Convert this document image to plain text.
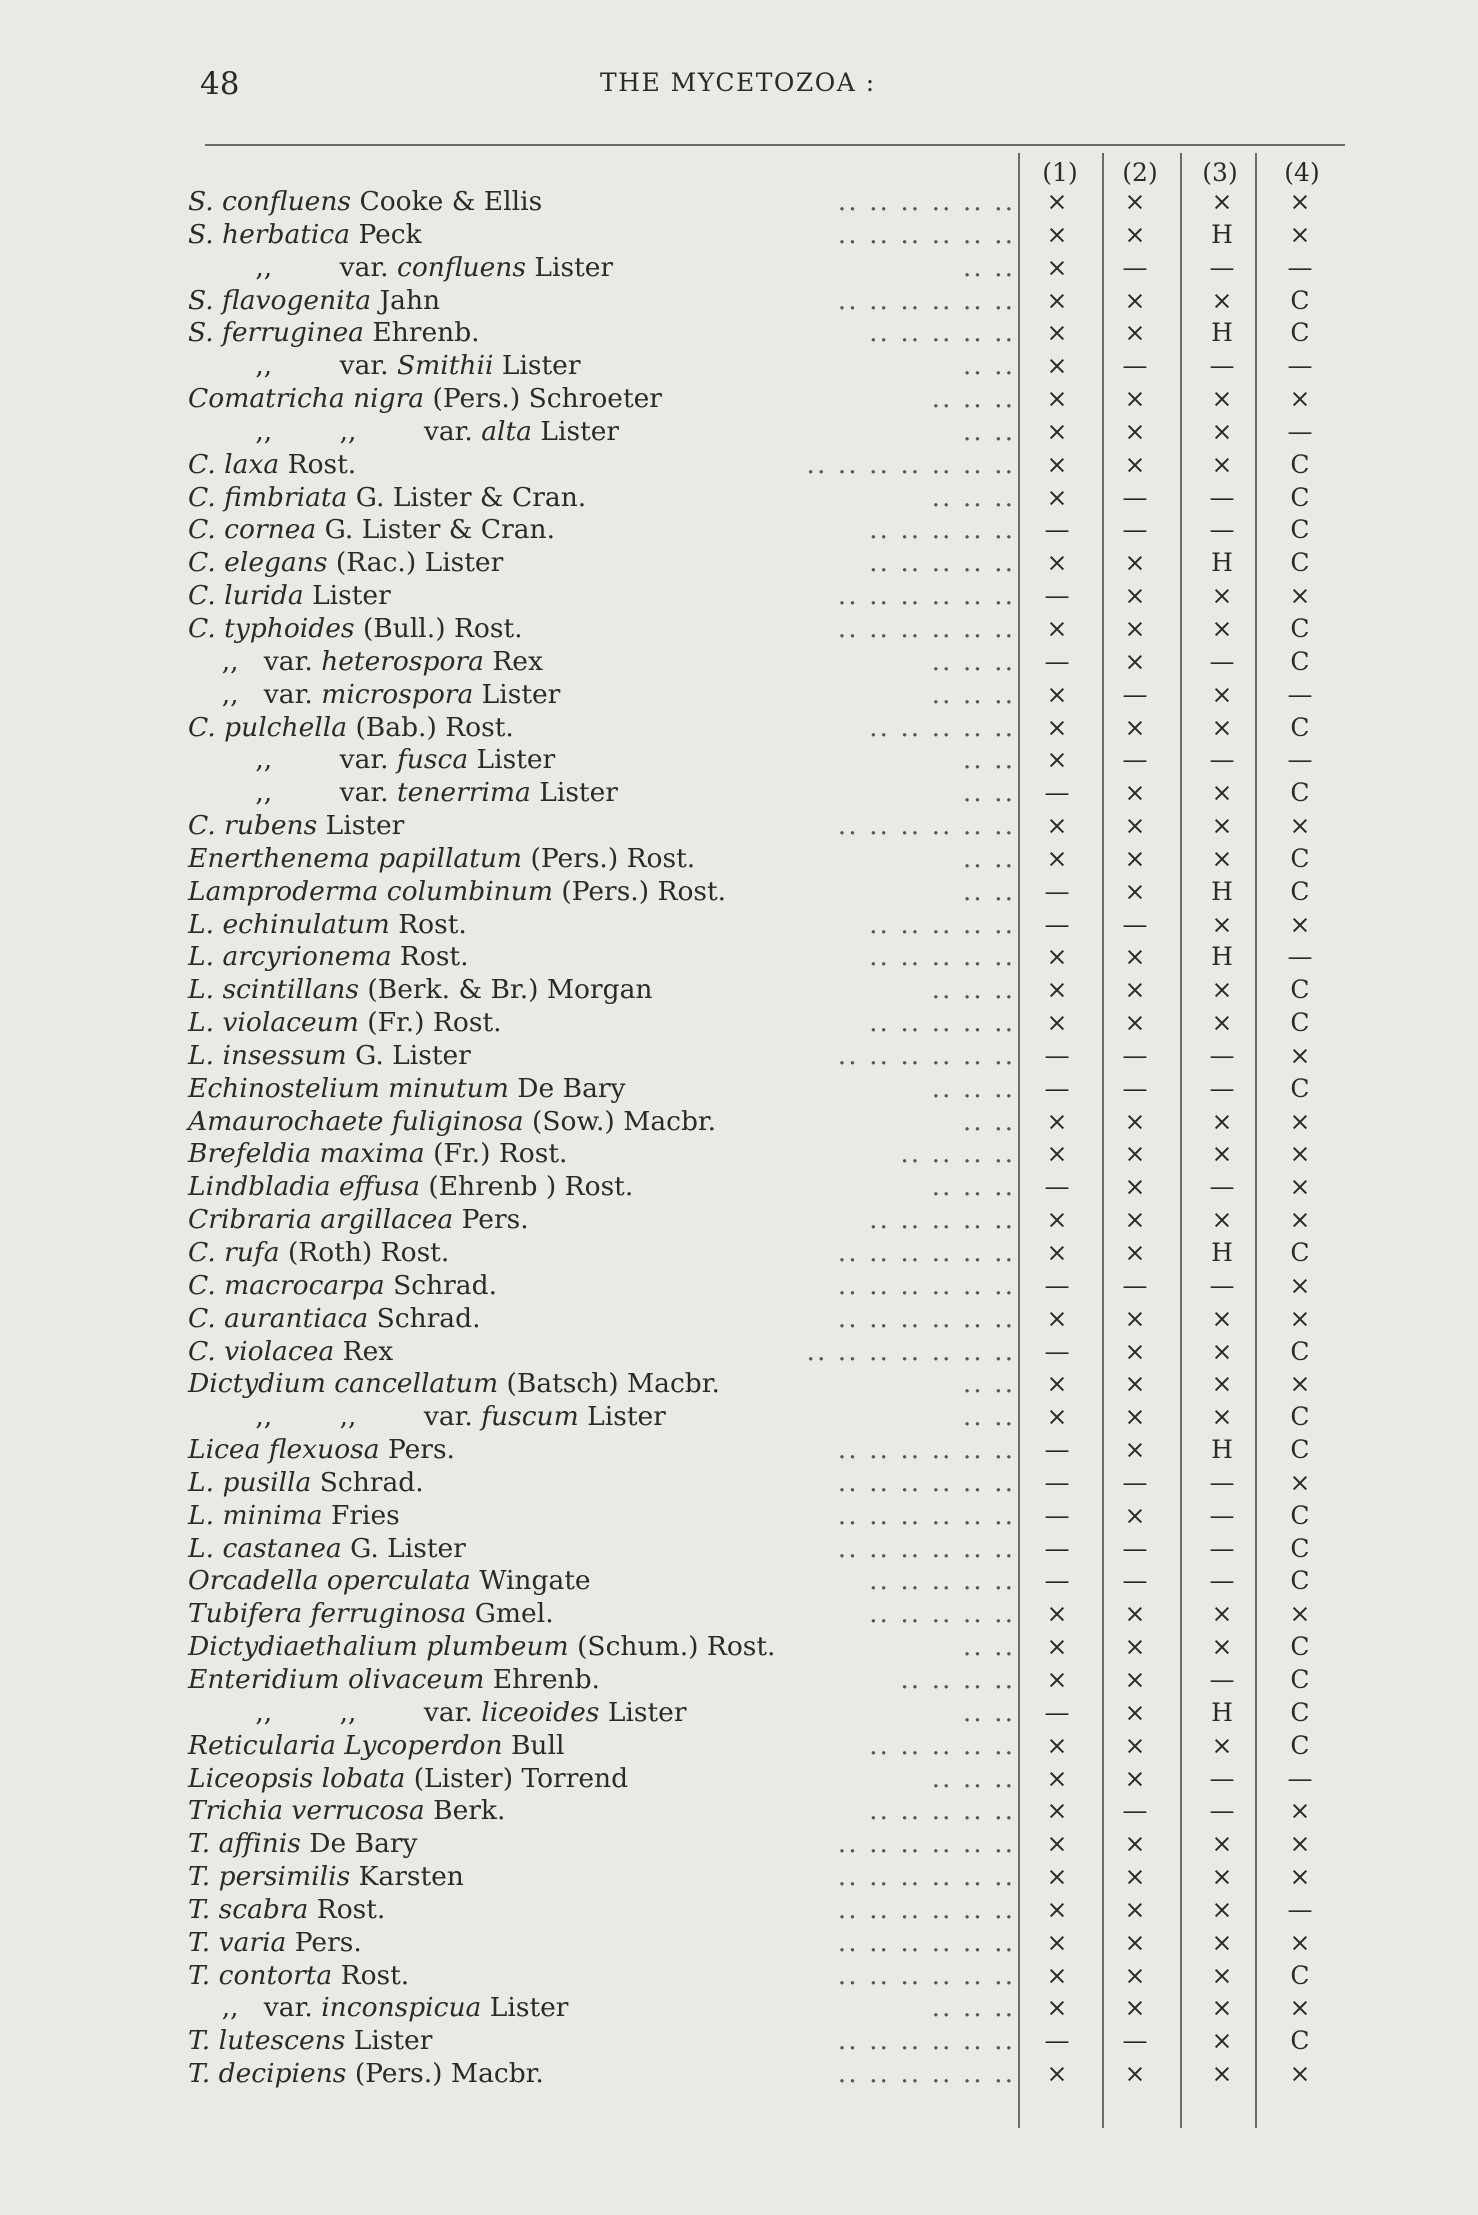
48	THE MYCETOZOA :
(1)	(2)	(3)	(4)
S. confluens Cooke & Ellis	.. .. .. .. .. ..	×	×	×	×
S. herbatica Peck	.. .. .. .. .. ..	×	×	H	×
,,        var. confluens Lister	.. ..	×	—	—	—
S. flavogenita Jahn	.. .. .. .. .. ..	×	×	×	C
S. ferruginea Ehrenb.	.. .. .. .. ..	×	×	H	C
,,        var. Smithii Lister	.. ..	×	—	—	—
Comatricha nigra (Pers.) Schroeter	.. .. ..	×	×	×	×
,,        ,,        var. alta Lister	.. ..	×	×	×	—
C. laxa Rost.	.. .. .. .. .. .. ..	×	×	×	C
C. fimbriata G. Lister & Cran.	.. .. ..	×	—	—	C
C. cornea G. Lister & Cran.	.. .. .. .. ..	—	—	—	C
C. elegans (Rac.) Lister	.. .. .. .. ..	×	×	H	C
C. lurida Lister	.. .. .. .. .. ..	—	×	×	×
C. typhoides (Bull.) Rost.	.. .. .. .. .. ..	×	×	×	C
,,   var. heterospora Rex	.. .. ..	—	×	—	C
,,   var. microspora Lister	.. .. ..	×	—	×	—
C. pulchella (Bab.) Rost.	.. .. .. .. ..	×	×	×	C
,,        var. fusca Lister	.. ..	×	—	—	—
,,        var. tenerrima Lister	.. ..	—	×	×	C
C. rubens Lister	.. .. .. .. .. ..	×	×	×	×
Enerthenema papillatum (Pers.) Rost.	.. ..	×	×	×	C
Lamproderma columbinum (Pers.) Rost.	.. ..	—	×	H	C
L. echinulatum Rost.	.. .. .. .. ..	—	—	×	×
L. arcyrionema Rost.	.. .. .. .. ..	×	×	H	—
L. scintillans (Berk. & Br.) Morgan	.. .. ..	×	×	×	C
L. violaceum (Fr.) Rost.	.. .. .. .. ..	×	×	×	C
L. insessum G. Lister	.. .. .. .. .. ..	—	—	—	×
Echinostelium minutum De Bary	.. .. ..	—	—	—	C
Amaurochaete fuliginosa (Sow.) Macbr.	.. ..	×	×	×	×
Brefeldia maxima (Fr.) Rost.	.. .. .. ..	×	×	×	×
Lindbladia effusa (Ehrenb ) Rost.	.. .. ..	—	×	—	×
Cribraria argillacea Pers.	.. .. .. .. ..	×	×	×	×
C. rufa (Roth) Rost.	.. .. .. .. .. ..	×	×	H	C
C. macrocarpa Schrad.	.. .. .. .. .. ..	—	—	—	×
C. aurantiaca Schrad.	.. .. .. .. .. ..	×	×	×	×
C. violacea Rex	.. .. .. .. .. .. ..	—	×	×	C
Dictydium cancellatum (Batsch) Macbr.	.. ..	×	×	×	×
,,        ,,        var. fuscum Lister	.. ..	×	×	×	C
Licea flexuosa Pers.	.. .. .. .. .. ..	—	×	H	C
L. pusilla Schrad.	.. .. .. .. .. ..	—	—	—	×
L. minima Fries	.. .. .. .. .. ..	—	×	—	C
L. castanea G. Lister	.. .. .. .. .. ..	—	—	—	C
Orcadella operculata Wingate	.. .. .. .. ..	—	—	—	C
Tubifera ferruginosa Gmel.	.. .. .. .. ..	×	×	×	×
Dictydiaethalium plumbeum (Schum.) Rost.	.. ..	×	×	×	C
Enteridium olivaceum Ehrenb.	.. .. .. ..	×	×	—	C
,,        ,,        var. liceoides Lister	.. ..	—	×	H	C
Reticularia Lycoperdon Bull	.. .. .. .. ..	×	×	×	C
Liceopsis lobata (Lister) Torrend	.. .. ..	×	×	—	—
Trichia verrucosa Berk.	.. .. .. .. ..	×	—	—	×
T. affinis De Bary	.. .. .. .. .. ..	×	×	×	×
T. persimilis Karsten	.. .. .. .. .. ..	×	×	×	×
T. scabra Rost.	.. .. .. .. .. ..	×	×	×	—
T. varia Pers.	.. .. .. .. .. ..	×	×	×	×
T. contorta Rost.	.. .. .. .. .. ..	×	×	×	C
,,   var. inconspicua Lister	.. .. ..	×	×	×	×
T. lutescens Lister	.. .. .. .. .. ..	—	—	×	C
T. decipiens (Pers.) Macbr.	.. .. .. .. .. ..	×	×	×	×
